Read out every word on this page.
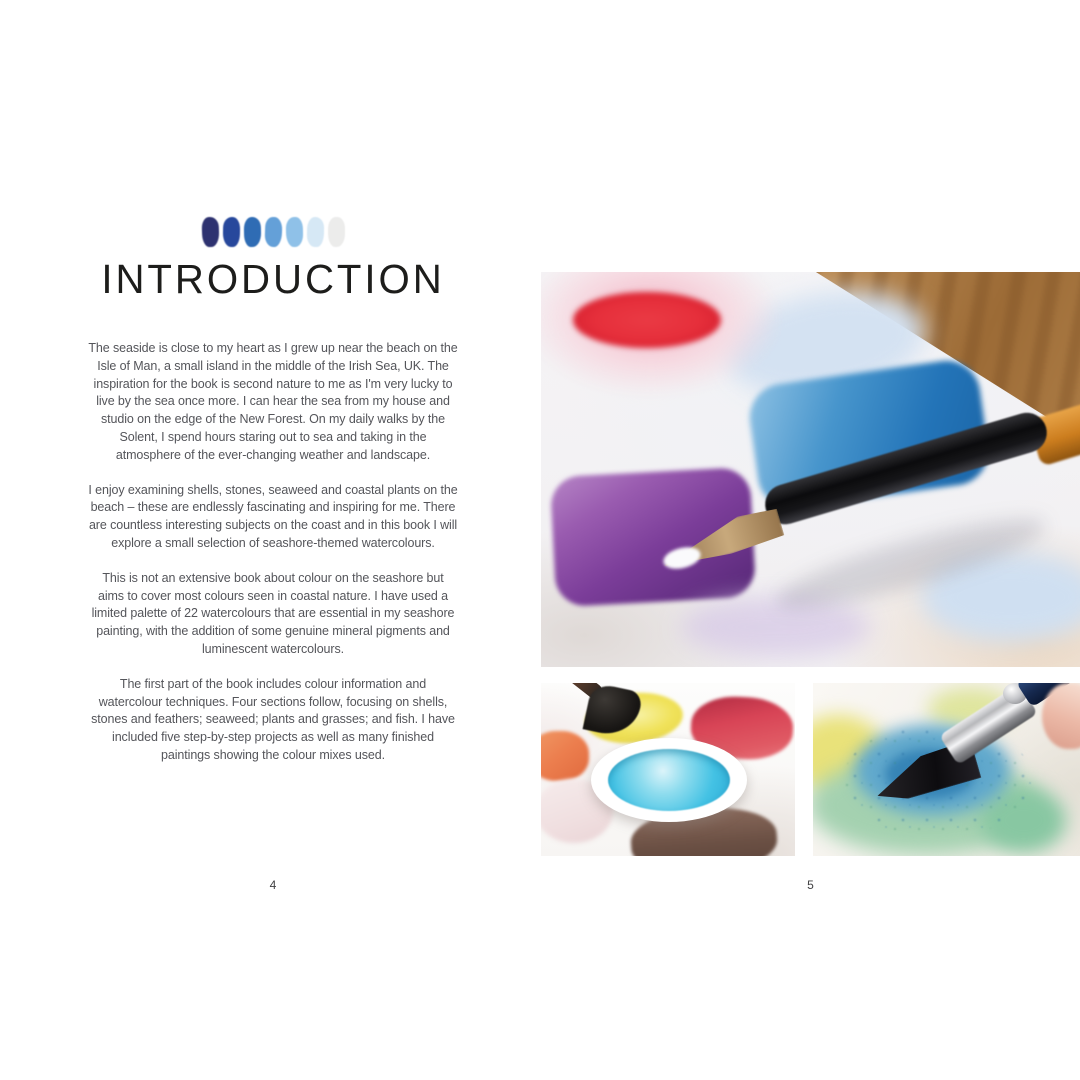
INTRODUCTION

The seaside is close to my heart as I grew up near the beach on the Isle of Man, a small island in the middle of the Irish Sea, UK. The inspiration for the book is second nature to me as I'm very lucky to live by the sea once more. I can hear the sea from my house and studio on the edge of the New Forest. On my daily walks by the Solent, I spend hours staring out to sea and taking in the atmosphere of the ever-changing weather and landscape.

I enjoy examining shells, stones, seaweed and coastal plants on the beach – these are endlessly fascinating and inspiring for me. There are countless interesting subjects on the coast and in this book I will explore a small selection of seashore-themed watercolours.

This is not an extensive book about colour on the seashore but aims to cover most colours seen in coastal nature. I have used a limited palette of 22 watercolours that are essential in my seashore painting, with the addition of some genuine mineral pigments and luminescent watercolours.

The first part of the book includes colour information and watercolour techniques. Four sections follow, focusing on shells, stones and feathers; seaweed; plants and grasses; and fish. I have included five step-by-step projects as well as many finished paintings showing the colour mixes used.

4	5
